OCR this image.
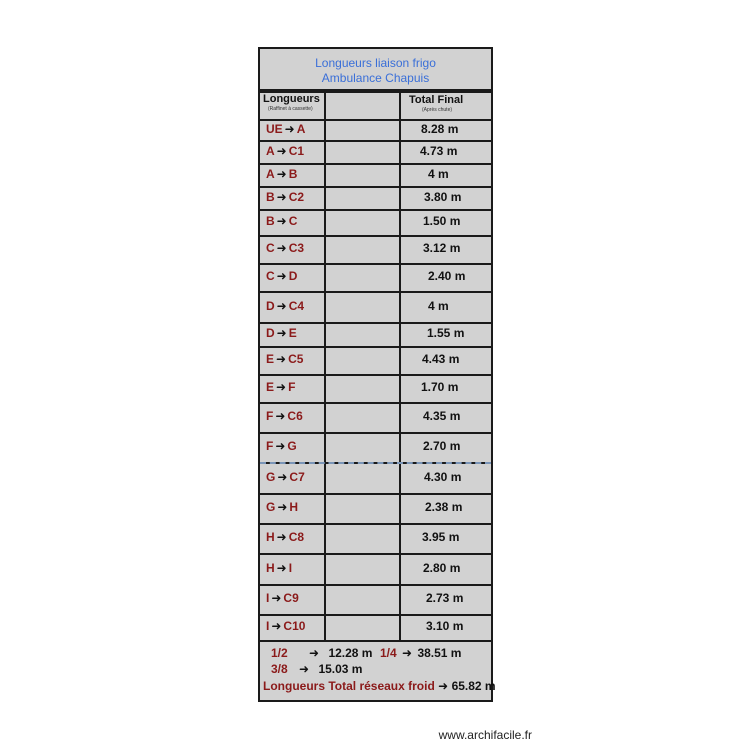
Longueurs liaison frigo
Ambulance Chapuis
Longueurs
(Raffinet à cassette)
Total Final
(Après chute)
UE ➜ A	8.28 m
A ➜ C1	4.73 m
A ➜ B	4 m
B ➜ C2	3.80 m
B ➜ C	1.50 m
C ➜ C3	3.12 m
C ➜ D	2.40 m
D ➜ C4	4 m
D ➜ E	1.55 m
E ➜ C5	4.43 m
E ➜ F	1.70 m
F ➜ C6	4.35 m
F ➜ G	2.70 m
G ➜ C7	4.30 m
G ➜ H	2.38 m
H ➜ C8	3.95 m
H ➜ I	2.80 m
I ➜ C9	2.73 m
I ➜ C10	3.10 m
1/2 ➜ 12.28 m 1/4 ➜ 38.51 m
3/8 ➜ 15.03 m
Longueurs Total réseaux froid ➜ 65.82 m
www.archifacile.fr
